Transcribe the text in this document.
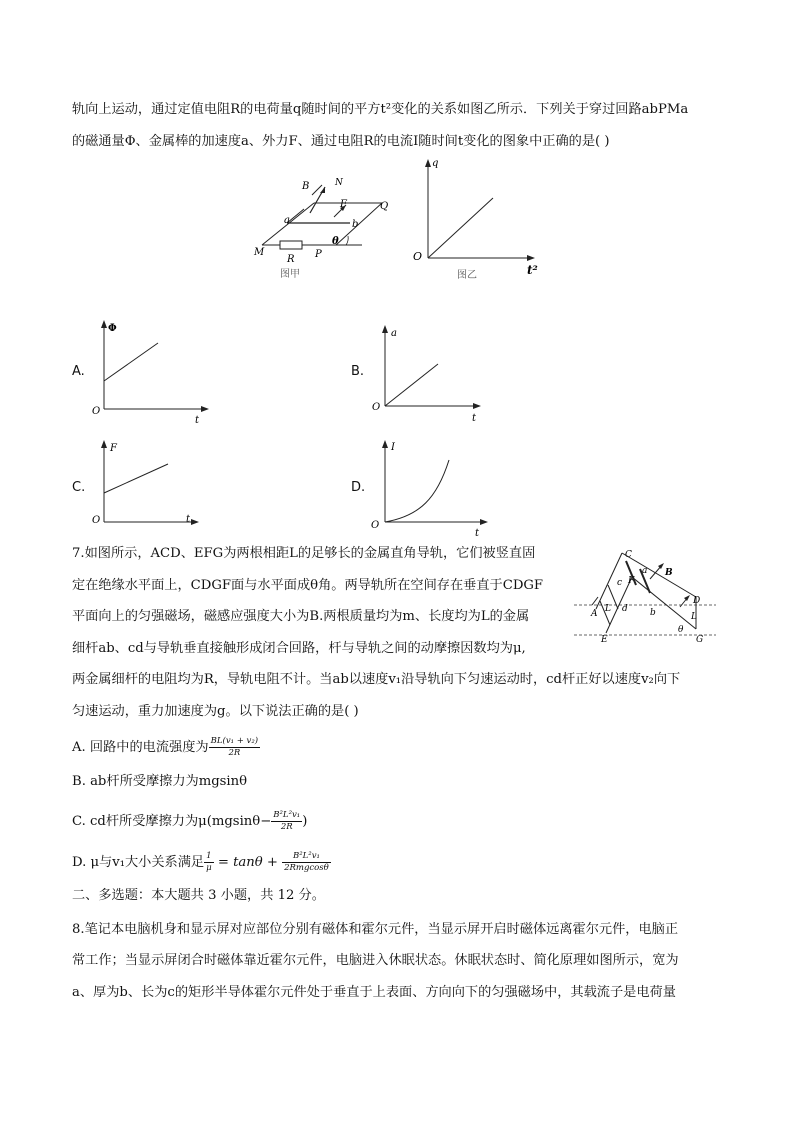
轨向上运动，通过定值电阻R的电荷量q随时间的平方t²变化的关系如图乙所示．下列关于穿过回路abPMa
的磁通量Φ、金属棒的加速度a、外力F、通过电阻R的电流I随时间t变化的图象中正确的是( )
B	N
F	Q
a	b
θ
M
R P
图甲
q
O
t²
图乙
A.
Φ
O
t
B.
a
O
t
C.
F
O	t
D.
I
O
t
7.如图所示，ACD、EFG为两根相距L的足够长的金属直角导轨，它们被竖直固
定在绝缘水平面上，CDGF面与水平面成θ角。两导轨所在空间存在垂直于CDGF
平面向上的匀强磁场，磁感应强度大小为B.两根质量均为m、长度均为L的金属
细杆ab、cd与导轨垂直接触形成闭合回路，杆与导轨之间的动摩擦因数均为μ,
两金属细杆的电阻均为R，导轨电阻不计。当ab以速度v₁沿导轨向下匀速运动时，cd杆正好以速度v₂向下
匀速运动，重力加速度为g。以下说法正确的是( )
C
c
a
F
B
D
A L d b	L
E
θ
G
A. 回路中的电流强度为 $\frac{\text{BL(v₁ + v₂)}}{2R}$
B. ab杆所受摩擦力为mgsinθ
C. cd杆所受摩擦力为$\mu(mgsin\theta- \frac{\text{B²L²v₁}}{2R}$ )
D. μ与v₁大小关系满足 $\frac{1}{\mu} = \tan\theta + \frac{\text{B²L²v₁}}{\text{2Rmgcosθ}}$
二、多选题：本大题共 3 小题，共 12 分。
8.笔记本电脑机身和显示屏对应部位分别有磁体和霍尔元件，当显示屏开启时磁体远离霍尔元件，电脑正
常工作；当显示屏闭合时磁体靠近霍尔元件，电脑进入休眠状态。休眠状态时、简化原理如图所示，宽为
a、厚为b、长为c的矩形半导体霍尔元件处于垂直于上表面、方向向下的匀强磁场中，其载流子是电荷量
